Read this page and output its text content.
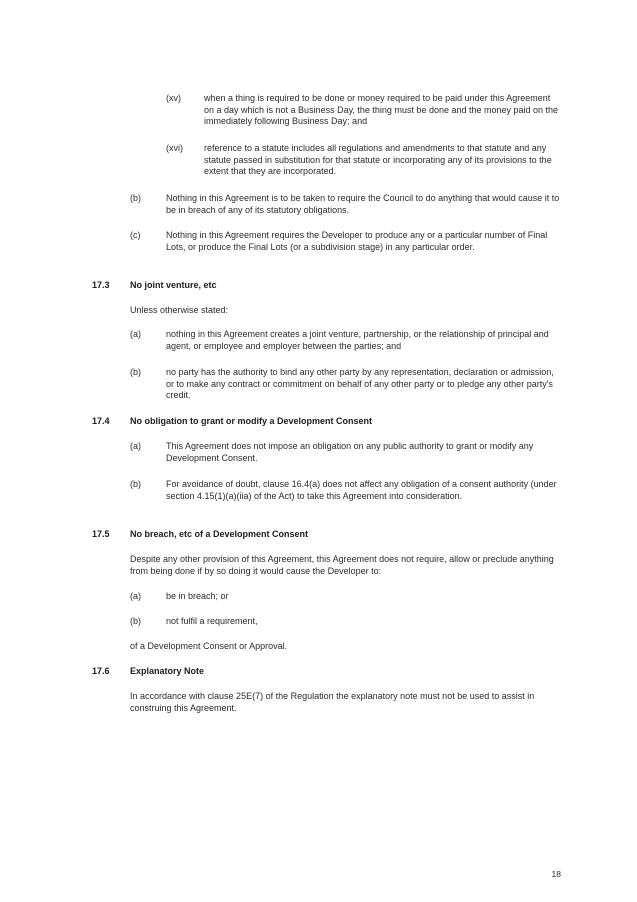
(xv)	when a thing is required to be done or money required to be paid under this Agreement on a day which is not a Business Day, the thing must be done and the money paid on the immediately following Business Day; and
(xvi) reference to a statute includes all regulations and amendments to that statute and any statute passed in substitution for that statute or incorporating any of its provisions to the extent that they are incorporated.
(b)	Nothing in this Agreement is to be taken to require the Council to do anything that would cause it to be in breach of any of its statutory obligations.
(c)	Nothing in this Agreement requires the Developer to produce any or a particular number of Final Lots, or produce the Final Lots (or a subdivision stage) in any particular order.
17.3 No joint venture, etc
Unless otherwise stated:
(a)	nothing in this Agreement creates a joint venture, partnership, or the relationship of principal and agent, or employee and employer between the parties; and
(b)	no party has the authority to bind any other party by any representation, declaration or admission, or to make any contract or commitment on behalf of any other party or to pledge any other party's credit.
17.4 No obligation to grant or modify a Development Consent
(a)	This Agreement does not impose an obligation on any public authority to grant or modify any Development Consent.
(b)	For avoidance of doubt, clause 16.4(a) does not affect any obligation of a consent authority (under section 4.15(1)(a)(iia) of the Act) to take this Agreement into consideration.
17.5 No breach, etc of a Development Consent
Despite any other provision of this Agreement, this Agreement does not require, allow or preclude anything from being done if by so doing it would cause the Developer to:
(a)	be in breach; or
(b)	not fulfil a requirement,
of a Development Consent or Approval.
17.6 Explanatory Note
In accordance with clause 25E(7) of the Regulation the explanatory note must not be used to assist in construing this Agreement.
18
